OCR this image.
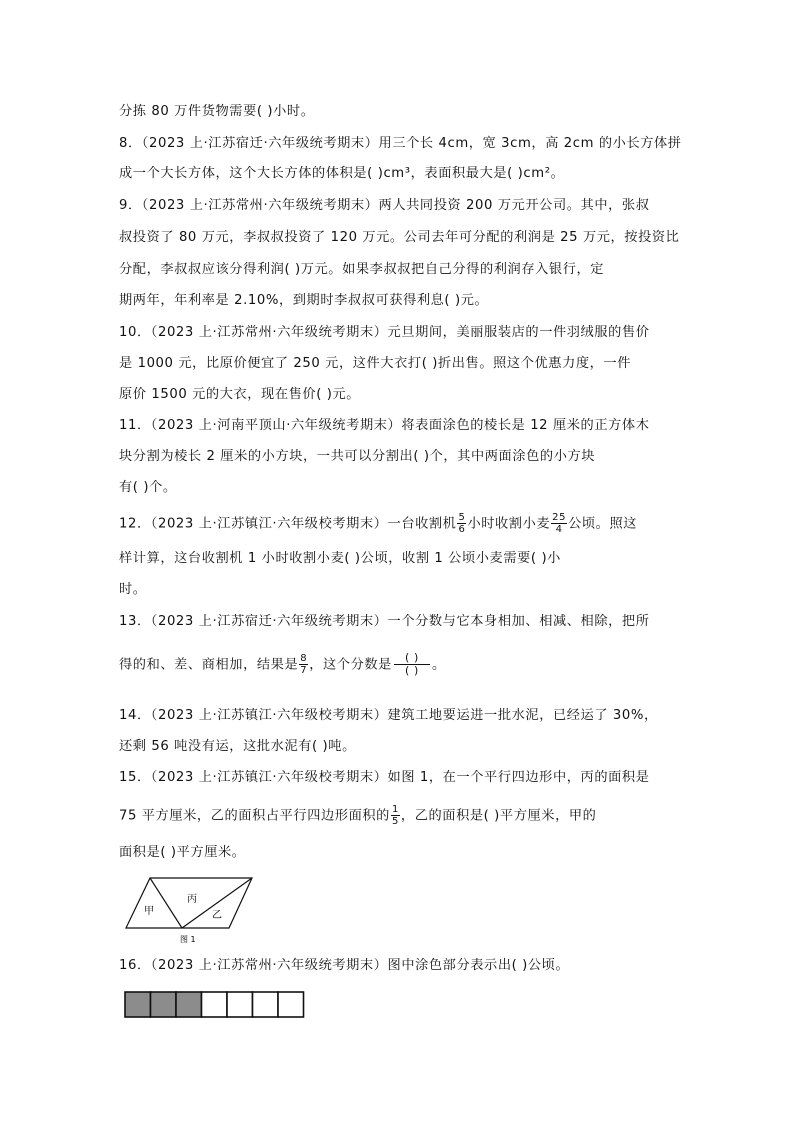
分拣 80 万件货物需要( )小时。
8．（2023 上·江苏宿迁·六年级统考期末）用三个长 4cm，宽 3cm，高 2cm 的小长方体拼
成一个大长方体，这个大长方体的体积是( )cm³，表面积最大是( )cm²。
9．（2023 上·江苏常州·六年级统考期末）两人共同投资 200 万元开公司。其中，张叔
叔投资了 80 万元，李叔叔投资了 120 万元。公司去年可分配的利润是 25 万元，按投资比
分配，李叔叔应该分得利润( )万元。如果李叔叔把自己分得的利润存入银行，定
期两年，年利率是 2.10%，到期时李叔叔可获得利息( )元。
10．（2023 上·江苏常州·六年级统考期末）元旦期间，美丽服装店的一件羽绒服的售价
是 1000 元，比原价便宜了 250 元，这件大衣打( )折出售。照这个优惠力度，一件
原价 1500 元的大衣，现在售价( )元。
11．（2023 上·河南平顶山·六年级统考期末）将表面涂色的棱长是 12 厘米的正方体木
块分割为棱长 2 厘米的小方块，一共可以分割出( )个，其中两面涂色的小方块
有( )个。
12．（2023 上·江苏镇江·六年级校考期末）一台收割机 $\frac{5}{6}$ 小时收割小麦 $\frac{25}{4}$ 公顷。照这
样计算，这台收割机 1 小时收割小麦( )公顷，收割 1 公顷小麦需要( )小
时。
13．（2023 上·江苏宿迁·六年级统考期末）一个分数与它本身相加、相减、相除，把所
得的和、差、商相加，结果是 $\frac{8}{7}$ ，这个分数是	( )
( ) 。
14．（2023 上·江苏镇江·六年级校考期末）建筑工地要运进一批水泥，已经运了 30%，
还剩 56 吨没有运，这批水泥有( )吨。
15．（2023 上·江苏镇江·六年级校考期末）如图 1，在一个平行四边形中，丙的面积是
75 平方厘米，乙的面积占平行四边形面积的 $\frac{1}{5}$ ，乙的面积是( )平方厘米，甲的
面积是( )平方厘米。
甲
丙
乙
图 1
16．（2023 上·江苏常州·六年级统考期末）图中涂色部分表示出( )公顷。
